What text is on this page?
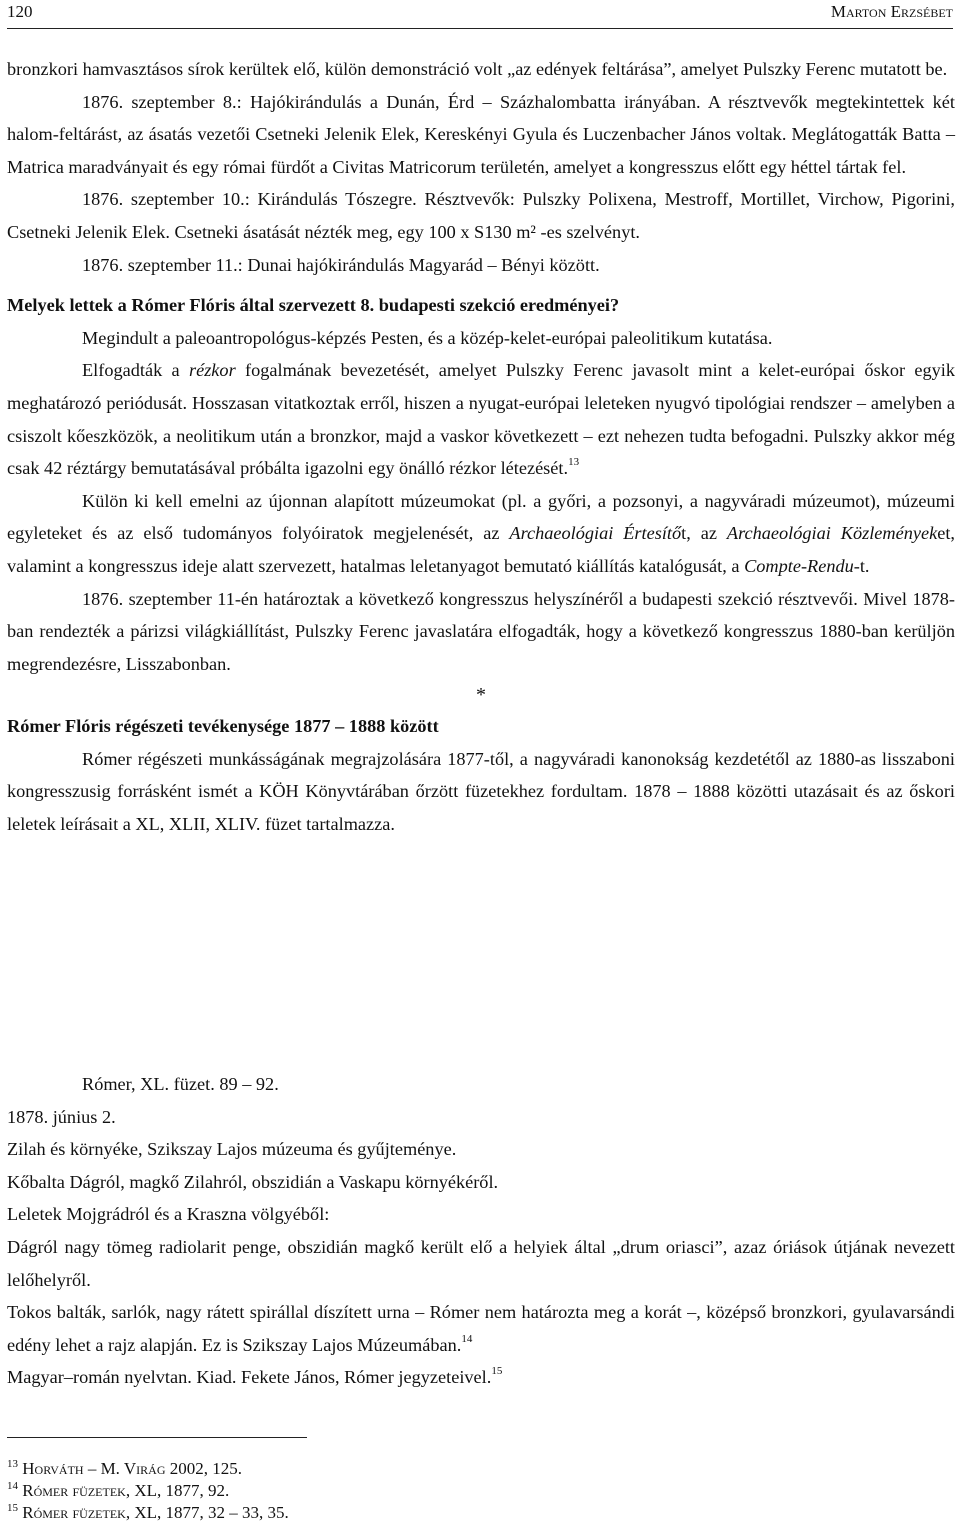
120	Marton Erzsébet

bronzkori hamvasztásos sírok kerültek elő, külön demonstráció volt „az edények feltárása”, amelyet Pulszky Ferenc mutatott be.

1876. szeptember 8.: Hajókirándulás a Dunán, Érd – Százhalombatta irányában. A résztvevők megtekintettek két halom-feltárást, az ásatás vezetői Csetneki Jelenik Elek, Kereskényi Gyula és Luczenbacher János voltak. Meglátogatták Batta – Matrica maradványait és egy római fürdőt a Civitas Matricorum területén, amelyet a kongresszus előtt egy héttel tártak fel.

1876. szeptember 10.: Kirándulás Tószegre. Résztvevők: Pulszky Polixena, Mestroff, Mortillet, Virchow, Pigorini, Csetneki Jelenik Elek. Csetneki ásatását nézték meg, egy 100 x S130 m² -es szelvényt.

1876. szeptember 11.: Dunai hajókirándulás Magyarád – Bényi között.

Melyek lettek a Rómer Flóris által szervezett 8. budapesti szekció eredményei?

Megindult a paleoantropológus-képzés Pesten, és a közép-kelet-európai paleolitikum kutatása.

Elfogadták a rézkor fogalmának bevezetését, amelyet Pulszky Ferenc javasolt mint a kelet-európai őskor egyik meghatározó periódusát. Hosszasan vitatkoztak erről, hiszen a nyugat-európai leleteken nyugvó tipológiai rendszer – amelyben a csiszolt kőeszközök, a neolitikum után a bronzkor, majd a vaskor következett – ezt nehezen tudta befogadni. Pulszky akkor még csak 42 réztárgy bemutatásával próbálta igazolni egy önálló rézkor létezését.$^{13}$

Külön ki kell emelni az újonnan alapított múzeumokat (pl. a győri, a pozsonyi, a nagyváradi múzeumot), múzeumi egyleteket és az első tudományos folyóiratok megjelenését, az Archaeológiai Értesítőt, az Archaeológiai Közleményeket, valamint a kongresszus ideje alatt szervezett, hatalmas leletanyagot bemutató kiállítás katalógusát, a Compte-Rendu-t.

1876. szeptember 11-én határoztak a következő kongresszus helyszínéről a budapesti szekció résztvevői. Mivel 1878-ban rendezték a párizsi világkiállítást, Pulszky Ferenc javaslatára elfogadták, hogy a következő kongresszus 1880-ban kerüljön megrendezésre, Lisszabonban.

*

Rómer Flóris régészeti tevékenysége 1877 – 1888 között

Rómer régészeti munkásságának megrajzolására 1877-től, a nagyváradi kanonokság kezdetétől az 1880-as lisszaboni kongresszusig forrásként ismét a KÖH Könyvtárában őrzött füzetekhez fordultam. 1878 – 1888 közötti utazásait és az őskori leletek leírásait a XL, XLII, XLIV. füzet tartalmazza.

Rómer, XL. füzet. 89 – 92.

1878. június 2.

Zilah és környéke, Szikszay Lajos múzeuma és gyűjteménye.

Kőbalta Dágról, magkő Zilahról, obszidián a Vaskapu környékéről.

Leletek Mojgrádról és a Kraszna völgyéből:

Dágról nagy tömeg radiolarit penge, obszidián magkő került elő a helyiek által „drum oriasci”, azaz óriások útjának nevezett lelőhelyről.

Tokos balták, sarlók, nagy rátett spirállal díszített urna – Rómer nem határozta meg a korát –, középső bronzkori, gyulavarsándi edény lehet a rajz alapján. Ez is Szikszay Lajos Múzeumában.$^{14}$

Magyar–román nyelvtan. Kiad. Fekete János, Rómer jegyzeteivel.$^{15}$

$^{13}$ Horváth – M. Virág 2002, 125.
$^{14}$ Rómer füzetek, XL, 1877, 92.
$^{15}$ Rómer füzetek, XL, 1877, 32 – 33, 35.
